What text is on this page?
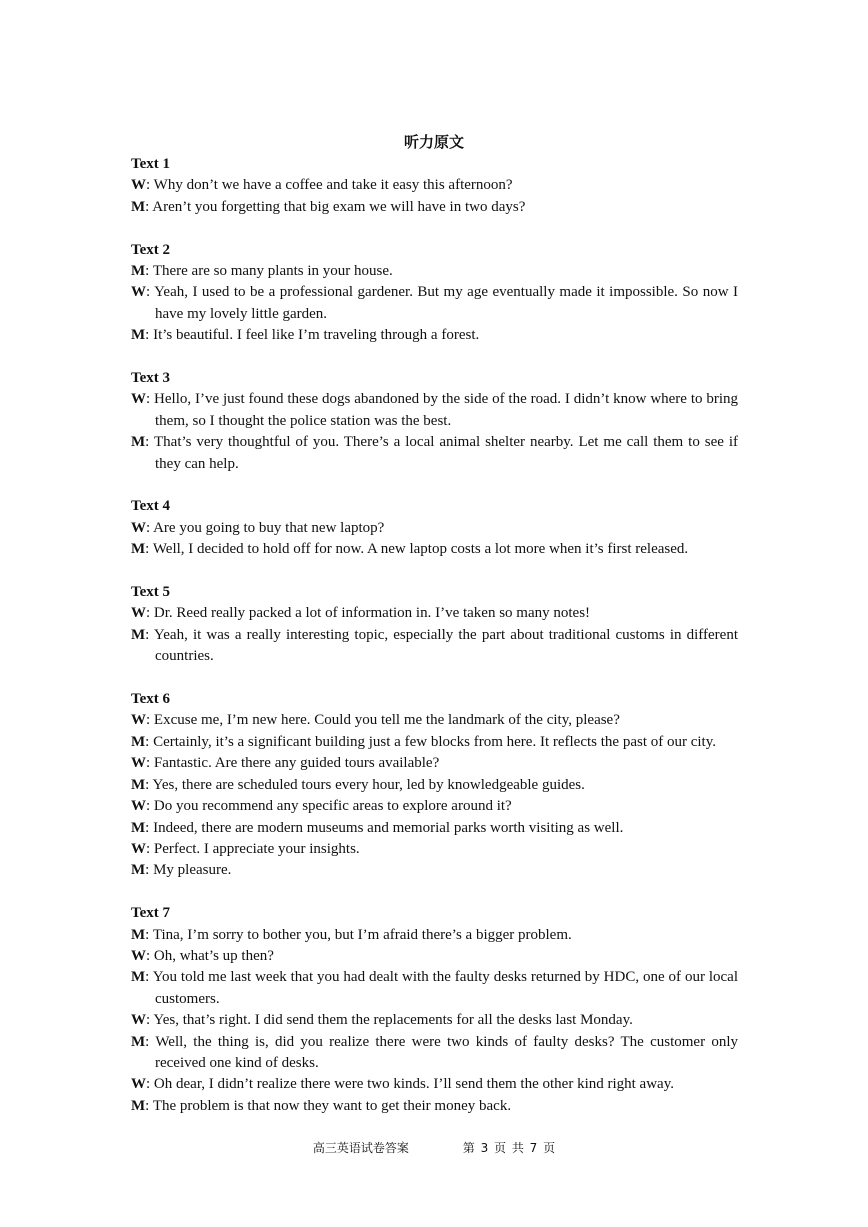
听力原文
Text 1
W: Why don’t we have a coffee and take it easy this afternoon?
M: Aren’t you forgetting that big exam we will have in two days?
Text 2
M: There are so many plants in your house.
W: Yeah, I used to be a professional gardener. But my age eventually made it impossible. So now I have my lovely little garden.
M: It’s beautiful. I feel like I’m traveling through a forest.
Text 3
W: Hello, I’ve just found these dogs abandoned by the side of the road. I didn’t know where to bring them, so I thought the police station was the best.
M: That’s very thoughtful of you. There’s a local animal shelter nearby. Let me call them to see if they can help.
Text 4
W: Are you going to buy that new laptop?
M: Well, I decided to hold off for now. A new laptop costs a lot more when it’s first released.
Text 5
W: Dr. Reed really packed a lot of information in. I’ve taken so many notes!
M: Yeah, it was a really interesting topic, especially the part about traditional customs in different countries.
Text 6
W: Excuse me, I’m new here. Could you tell me the landmark of the city, please?
M: Certainly, it’s a significant building just a few blocks from here. It reflects the past of our city.
W: Fantastic. Are there any guided tours available?
M: Yes, there are scheduled tours every hour, led by knowledgeable guides.
W: Do you recommend any specific areas to explore around it?
M: Indeed, there are modern museums and memorial parks worth visiting as well.
W: Perfect. I appreciate your insights.
M: My pleasure.
Text 7
M: Tina, I’m sorry to bother you, but I’m afraid there’s a bigger problem.
W: Oh, what’s up then?
M: You told me last week that you had dealt with the faulty desks returned by HDC, one of our local customers.
W: Yes, that’s right. I did send them the replacements for all the desks last Monday.
M: Well, the thing is, did you realize there were two kinds of faulty desks? The customer only received one kind of desks.
W: Oh dear, I didn’t realize there were two kinds. I’ll send them the other kind right away.
M: The problem is that now they want to get their money back.
高三英语试卷答案	第 3 页 共 7 页
